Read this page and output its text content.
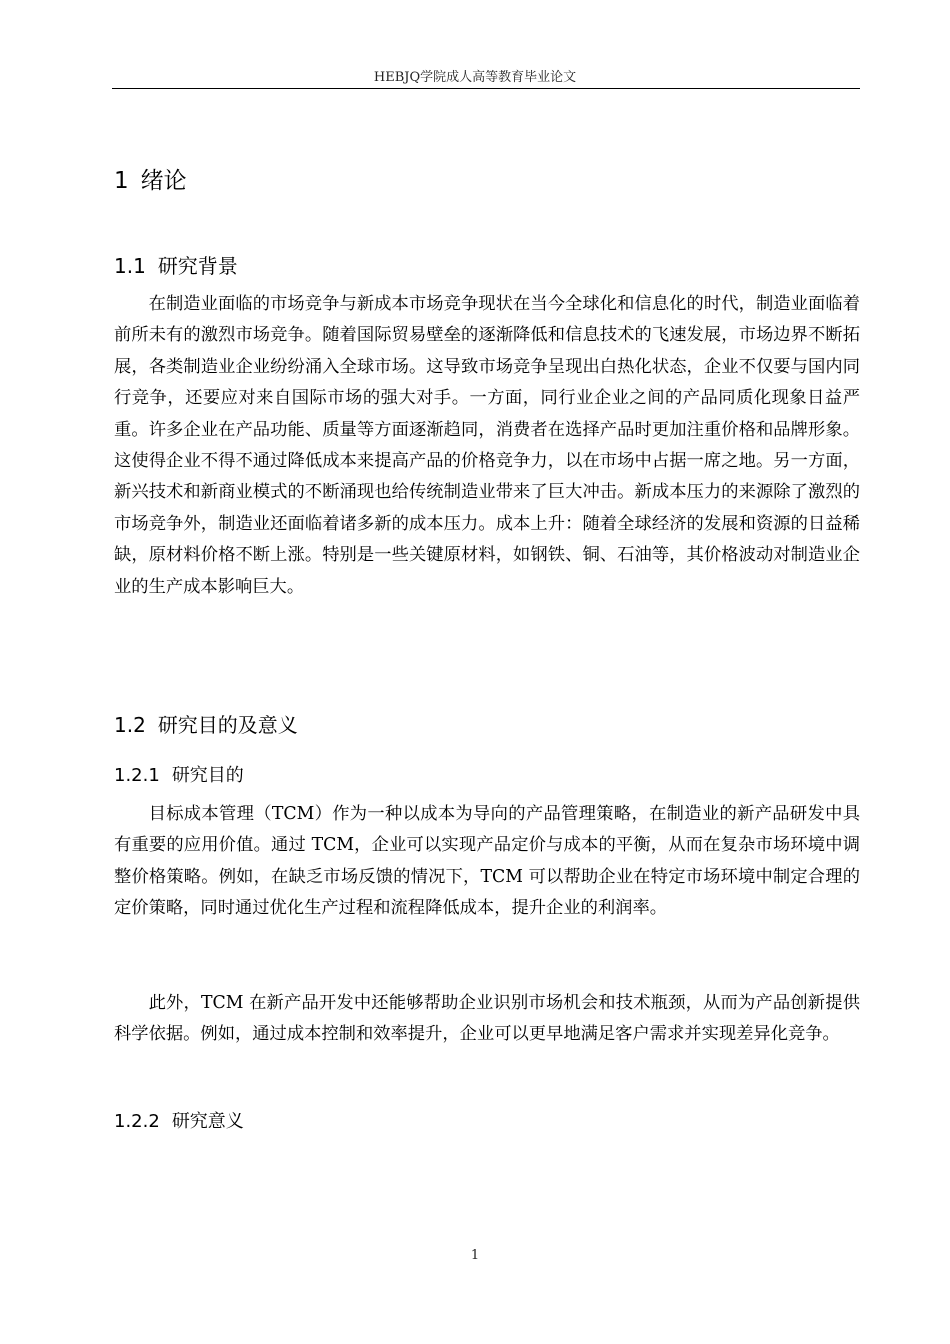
HEBJQ学院成人高等教育毕业论文
1 绪论
1.1 研究背景

在制造业面临的市场竞争与新成本市场竞争现状在当今全球化和信息化的时代，制造业面临着前所未有的激烈市场竞争。随着国际贸易壁垒的逐渐降低和信息技术的飞速发展，市场边界不断拓展，各类制造业企业纷纷涌入全球市场。这导致市场竞争呈现出白热化状态，企业不仅要与国内同行竞争，还要应对来自国际市场的强大对手。一方面，同行业企业之间的产品同质化现象日益严重。许多企业在产品功能、质量等方面逐渐趋同，消费者在选择产品时更加注重价格和品牌形象。这使得企业不得不通过降低成本来提高产品的价格竞争力，以在市场中占据一席之地。另一方面，新兴技术和新商业模式的不断涌现也给传统制造业带来了巨大冲击。新成本压力的来源除了激烈的市场竞争外，制造业还面临着诸多新的成本压力。成本上升：随着全球经济的发展和资源的日益稀缺，原材料价格不断上涨。特别是一些关键原材料，如钢铁、铜、石油等，其价格波动对制造业企业的生产成本影响巨大。

1.2 研究目的及意义
1.2.1 研究目的

目标成本管理（TCM）作为一种以成本为导向的产品管理策略，在制造业的新产品研发中具有重要的应用价值。通过 TCM，企业可以实现产品定价与成本的平衡，从而在复杂市场环境中调整价格策略。例如，在缺乏市场反馈的情况下，TCM 可以帮助企业在特定市场环境中制定合理的定价策略，同时通过优化生产过程和流程降低成本，提升企业的利润率。

此外，TCM 在新产品开发中还能够帮助企业识别市场机会和技术瓶颈，从而为产品创新提供科学依据。例如，通过成本控制和效率提升，企业可以更早地满足客户需求并实现差异化竞争。

1.2.2 研究意义
1
